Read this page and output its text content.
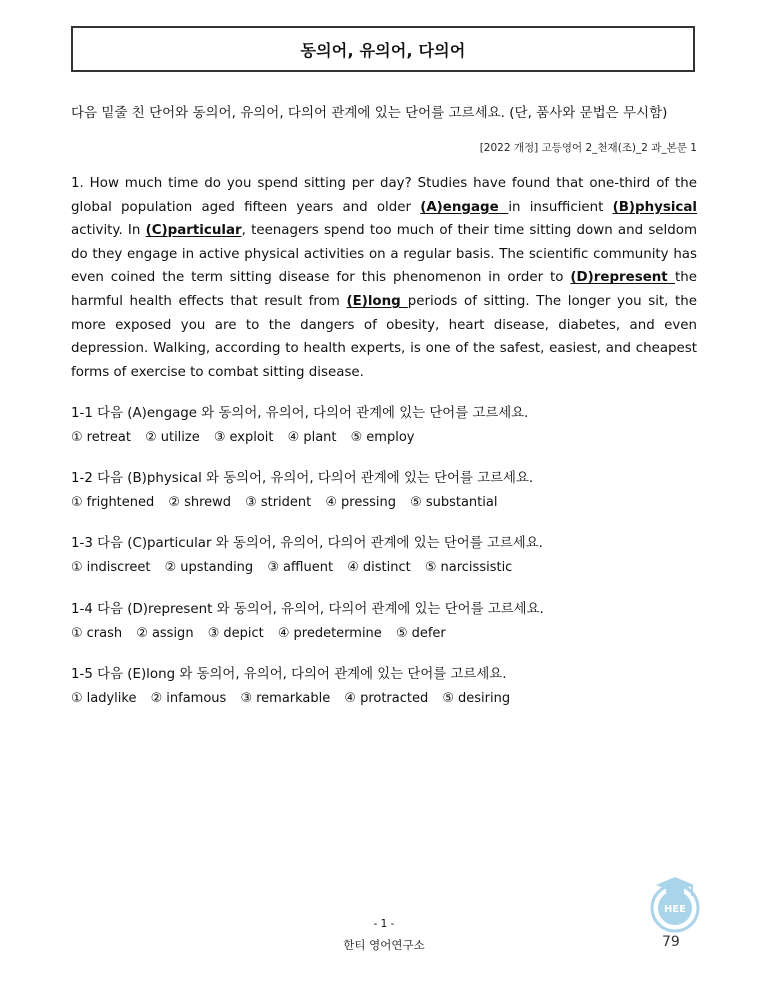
동의어, 유의어, 다의어
다음 밑줄 친 단어와 동의어, 유의어, 다의어 관계에 있는 단어를 고르세요. (단, 품사와 문법은 무시함)
[2022 개정] 고등영어 2_천재(조)_2 과_본문 1
1. How much time do you spend sitting per day? Studies have found that one-third of the global population aged fifteen years and older (A)engage in insufficient (B)physical activity. In (C)particular, teenagers spend too much of their time sitting down and seldom do they engage in active physical activities on a regular basis. The scientific community has even coined the term sitting disease for this phenomenon in order to (D)represent the harmful health effects that result from (E)long periods of sitting. The longer you sit, the more exposed you are to the dangers of obesity, heart disease, diabetes, and even depression. Walking, according to health experts, is one of the safest, easiest, and cheapest forms of exercise to combat sitting disease.
1-1 다음 (A)engage 와 동의어, 유의어, 다의어 관계에 있는 단어를 고르세요.
① retreat ② utilize ③ exploit ④ plant ⑤ employ
1-2 다음 (B)physical 와 동의어, 유의어, 다의어 관계에 있는 단어를 고르세요.
① frightened ② shrewd ③ strident ④ pressing ⑤ substantial
1-3 다음 (C)particular 와 동의어, 유의어, 다의어 관계에 있는 단어를 고르세요.
① indiscreet ② upstanding ③ affluent ④ distinct ⑤ narcissistic
1-4 다음 (D)represent 와 동의어, 유의어, 다의어 관계에 있는 단어를 고르세요.
① crash ② assign ③ depict ④ predetermine ⑤ defer
1-5 다음 (E)long 와 동의어, 유의어, 다의어 관계에 있는 단어를 고르세요.
① ladylike ② infamous ③ remarkable ④ protracted ⑤ desiring
HEE
- 1 -
한티 영어연구소	79
